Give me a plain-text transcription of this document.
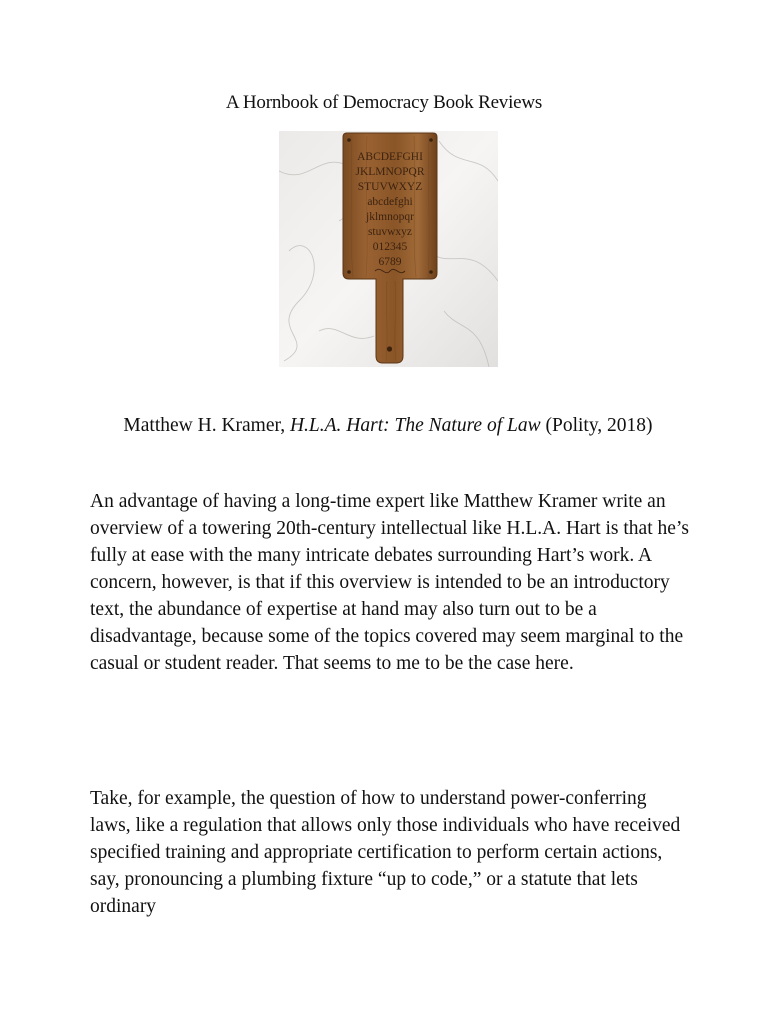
A Hornbook of Democracy Book Reviews
ABCDEFGHI
JKLMNOPQR
STUVWXYZ
abcdefghi
jklmnopqr
stuvwxyz
012345
6789

Matthew H. Kramer, H.L.A. Hart: The Nature of Law (Polity, 2018)

An advantage of having a long-time expert like Matthew Kramer write an overview of a towering 20th-century intellectual like H.L.A. Hart is that he’s fully at ease with the many intricate debates surrounding Hart’s work. A concern, however, is that if this overview is intended to be an introductory text, the abundance of expertise at hand may also turn out to be a disadvantage, because some of the topics covered may seem marginal to the casual or student reader. That seems to me to be the case here.

Take, for example, the question of how to understand power-conferring laws, like a regulation that allows only those individuals who have received specified training and appropriate certification to perform certain actions, say, pronouncing a plumbing fixture “up to code,” or a statute that lets ordinary
